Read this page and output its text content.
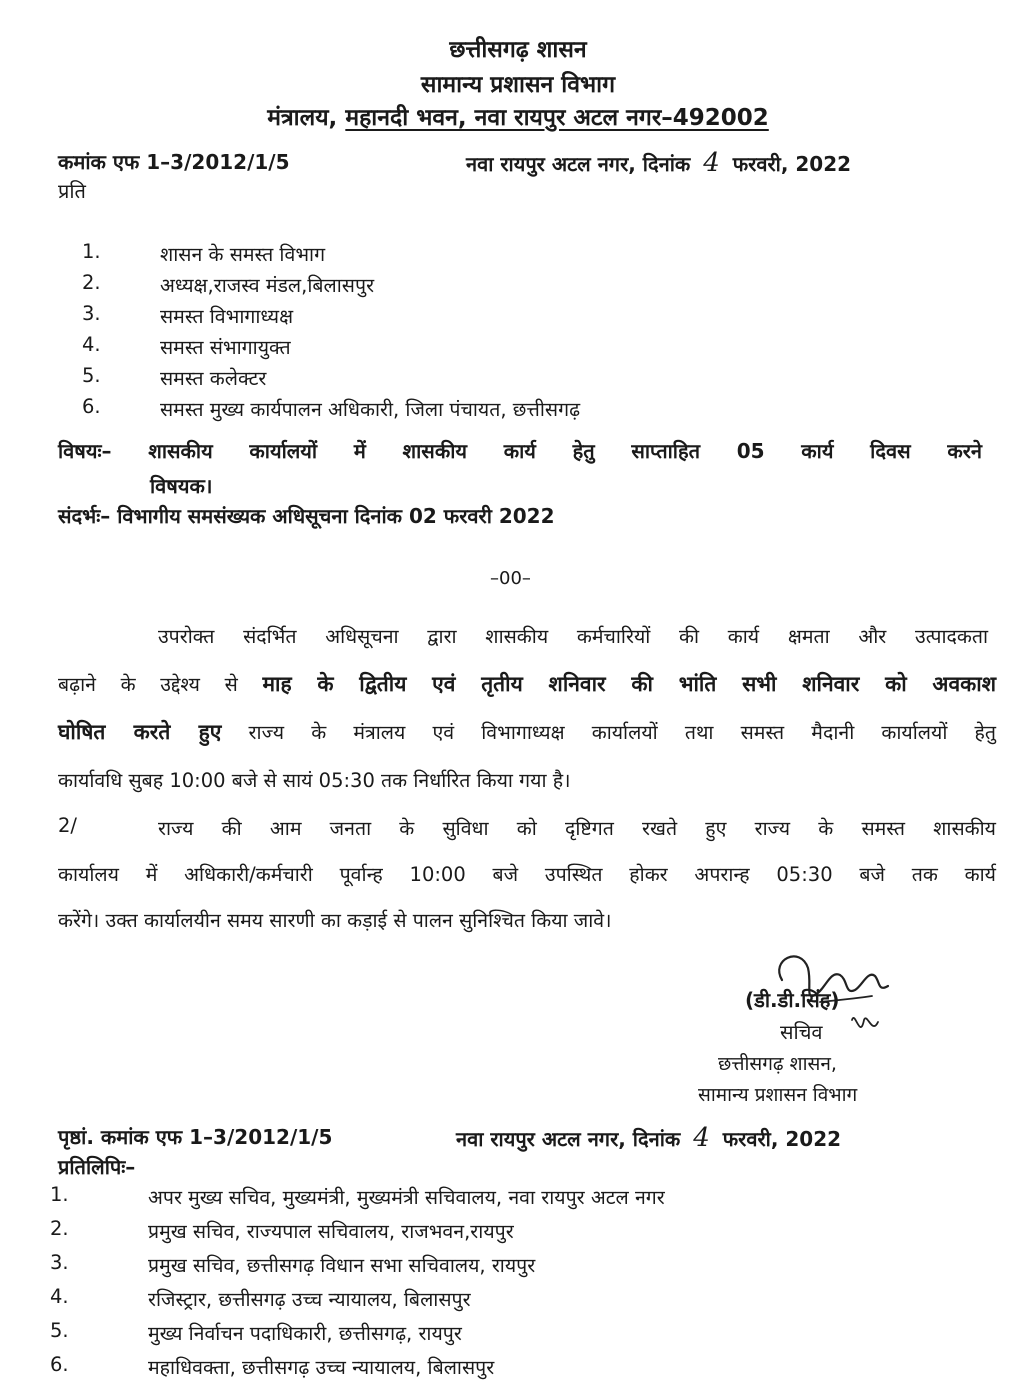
छत्तीसगढ़ शासन
सामान्य प्रशासन विभाग
मंत्रालय, महानदी भवन, नवा रायपुर अटल नगर–492002
कमांक एफ 1–3/2012/1/5	नवा रायपुर अटल नगर, दिनांक 4 फरवरी, 2022
प्रति
1.	शासन के समस्त विभाग
2.	अध्यक्ष,राजस्व मंडल,बिलासपुर
3.	समस्त विभागाध्यक्ष
4.	समस्त संभागायुक्त
5.	समस्त कलेक्टर
6.	समस्त मुख्य कार्यपालन अधिकारी, जिला पंचायत, छत्तीसगढ़
विषयः– शासकीय कार्यालयों में शासकीय कार्य हेतु साप्ताहित 05 कार्य दिवस करने
विषयक।
संदर्भः– विभागीय समसंख्यक अधिसूचना दिनांक 02 फरवरी 2022
–00–
उपरोक्त संदर्भित अधिसूचना द्वारा शासकीय कर्मचारियों की कार्य क्षमता और उत्पादकता
बढ़ाने के उद्देश्य से माह के द्वितीय एवं तृतीय शनिवार की भांति सभी शनिवार को अवकाश
घोषित करते हुए राज्य के मंत्रालय एवं विभागाध्यक्ष कार्यालयों तथा समस्त मैदानी कार्यालयों हेतु
कार्यावधि सुबह 10:00 बजे से सायं 05:30 तक निर्धारित किया गया है।
2/	राज्य की आम जनता के सुविधा को दृष्टिगत रखते हुए राज्य के समस्त शासकीय
कार्यालय में अधिकारी/कर्मचारी पूर्वान्ह 10:00 बजे उपस्थित होकर अपरान्ह 05:30 बजे तक कार्य
करेंगे। उक्त कार्यालयीन समय सारणी का कड़ाई से पालन सुनिश्चित किया जावे।
(डी.डी.सिंह)
सचिव
छत्तीसगढ़ शासन,
सामान्य प्रशासन विभाग
पृष्ठां. कमांक एफ 1–3/2012/1/5	नवा रायपुर अटल नगर, दिनांक 4 फरवरी, 2022
प्रतिलिपिः–
1.	अपर मुख्य सचिव, मुख्यमंत्री, मुख्यमंत्री सचिवालय, नवा रायपुर अटल नगर
2.	प्रमुख सचिव, राज्यपाल सचिवालय, राजभवन,रायपुर
3.	प्रमुख सचिव, छत्तीसगढ़ विधान सभा सचिवालय, रायपुर
4.	रजिस्ट्रार, छत्तीसगढ़ उच्च न्यायालय, बिलासपुर
5.	मुख्य निर्वाचन पदाधिकारी, छत्तीसगढ़, रायपुर
6.	महाधिवक्ता, छत्तीसगढ़ उच्च न्यायालय, बिलासपुर
